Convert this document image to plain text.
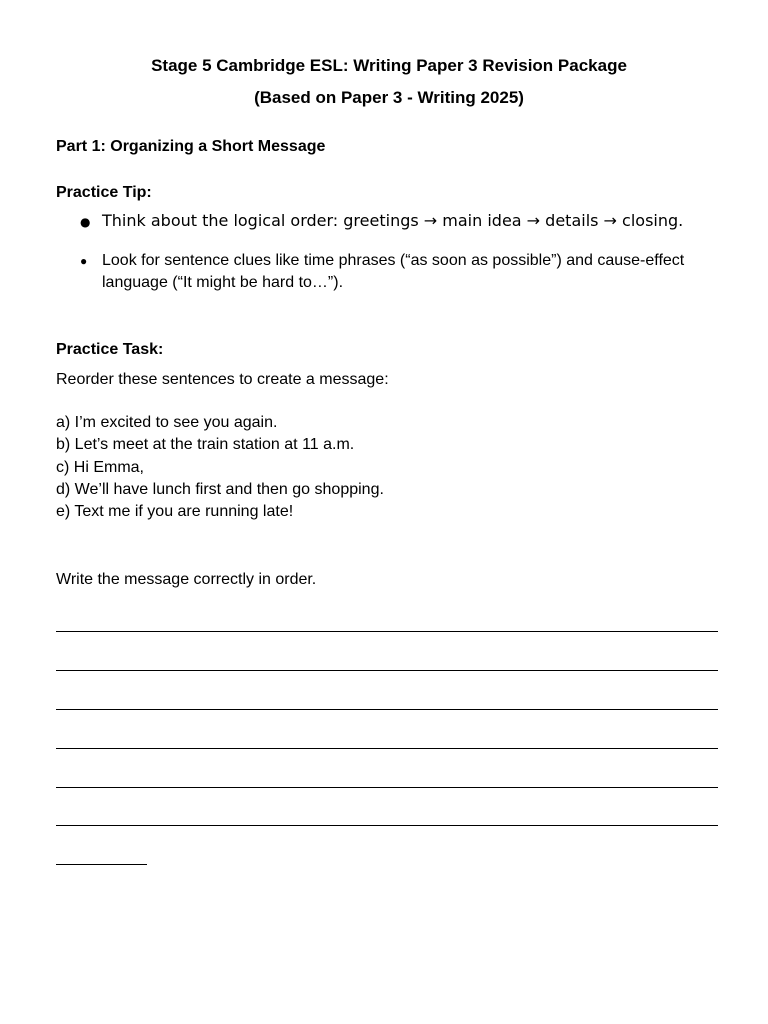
Stage 5 Cambridge ESL: Writing Paper 3 Revision Package

(Based on Paper 3 - Writing 2025)

Part 1: Organizing a Short Message

Practice Tip:

● Think about the logical order: greetings → main idea → details → closing.
● Look for sentence clues like time phrases (“as soon as possible”) and cause-effect language (“It might be hard to…”).

Practice Task:

Reorder these sentences to create a message:

a) I’m excited to see you again.
b) Let’s meet at the train station at 11 a.m.
c) Hi Emma,
d) We’ll have lunch first and then go shopping.
e) Text me if you are running late!

Write the message correctly in order.
